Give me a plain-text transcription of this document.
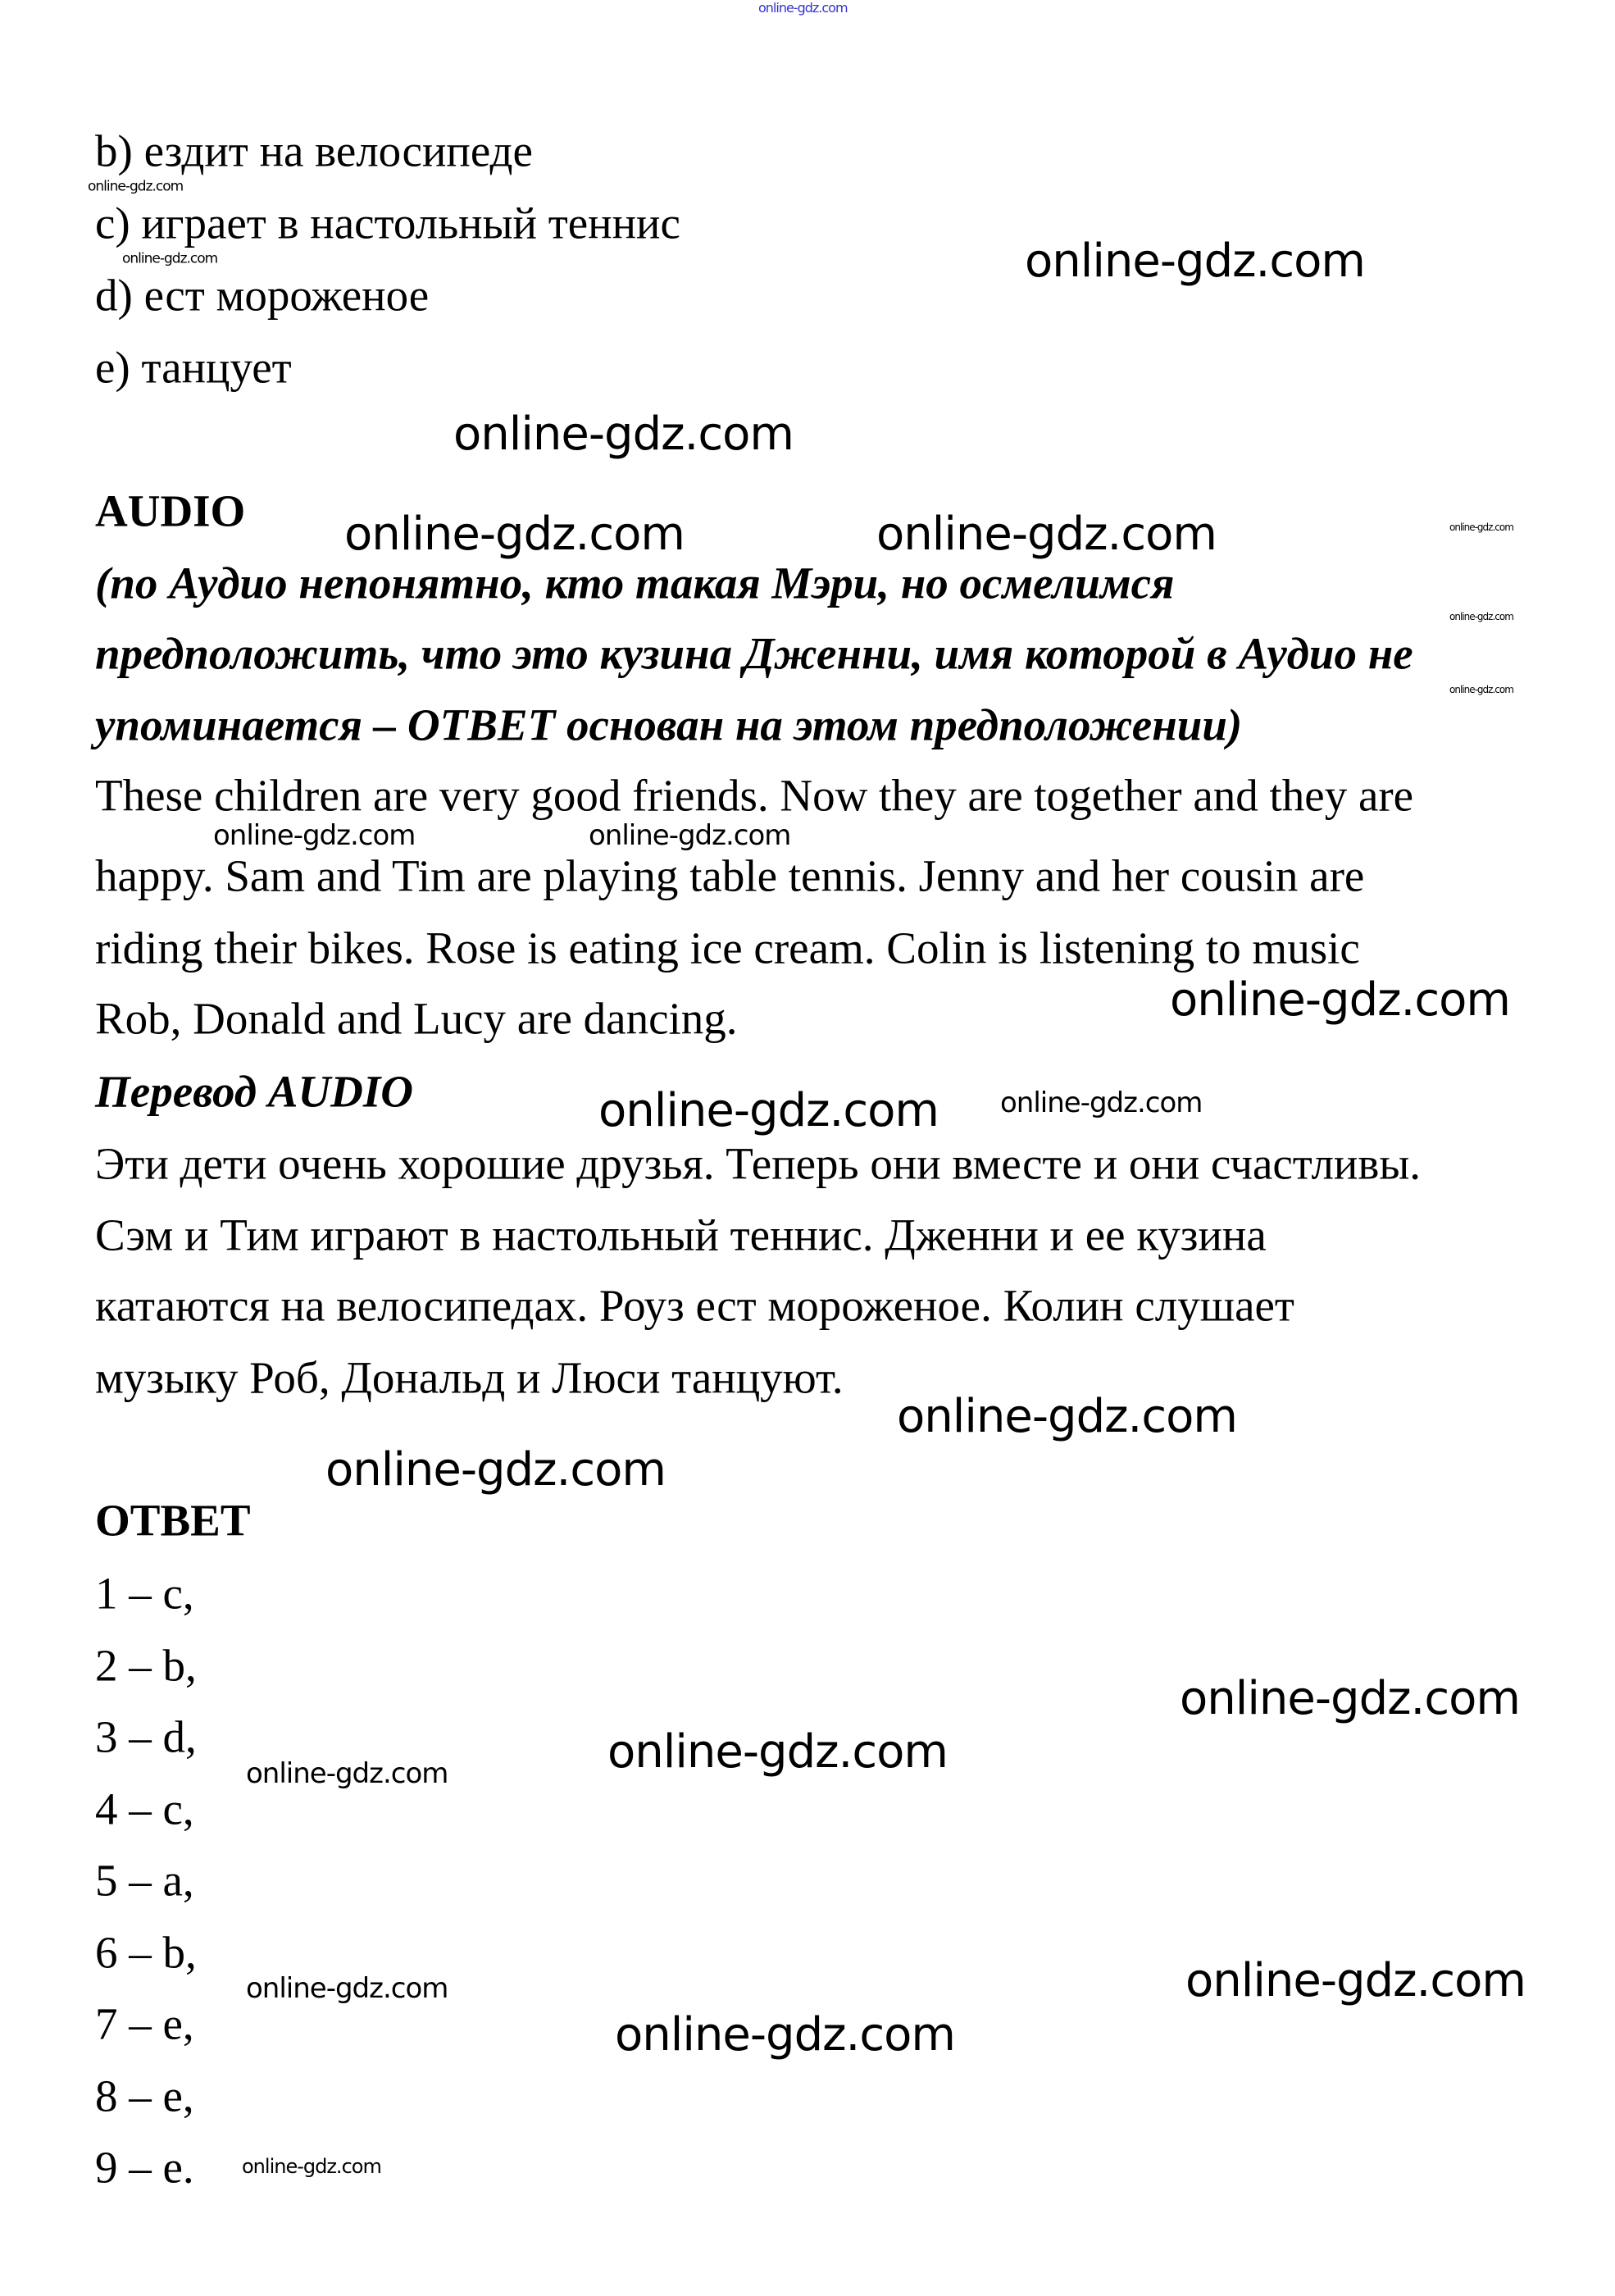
online-gdz.com
b) ездит на велосипеде
c) играет в настольный теннис
d) ест мороженое
e) танцует
AUDIO
(по Аудио непонятно, кто такая Мэри, но осмелимся
предположить, что это кузина Дженни, имя которой в Аудио не
упоминается – ОТВЕТ основан на этом предположении)
These children are very good friends. Now they are together and they are
happy. Sam and Tim are playing table tennis. Jenny and her cousin are
riding their bikes. Rose is eating ice cream. Colin is listening to music
Rob, Donald and Lucy are dancing.
Перевод AUDIO
Эти дети очень хорошие друзья. Теперь они вместе и они счастливы.
Сэм и Тим играют в настольный теннис. Дженни и ее кузина
катаются на велосипедах. Роуз ест мороженое. Колин слушает
музыку Роб, Дональд и Люси танцуют.
ОТВЕТ
1 – c,
2 – b,
3 – d,
4 – c,
5 – a,
6 – b,
7 – e,
8 – e,
9 – e.
online-gdz.com
online-gdz.com
online-gdz.com
online-gdz.com
online-gdz.com	online-gdz.com	online-gdz.com
online-gdz.com
online-gdz.com
online-gdz.com	online-gdz.com
online-gdz.com
online-gdz.com online-gdz.com
online-gdz.com
online-gdz.com
online-gdz.com
online-gdz.com
online-gdz.com
online-gdz.com
online-gdz.com
online-gdz.com
online-gdz.com
